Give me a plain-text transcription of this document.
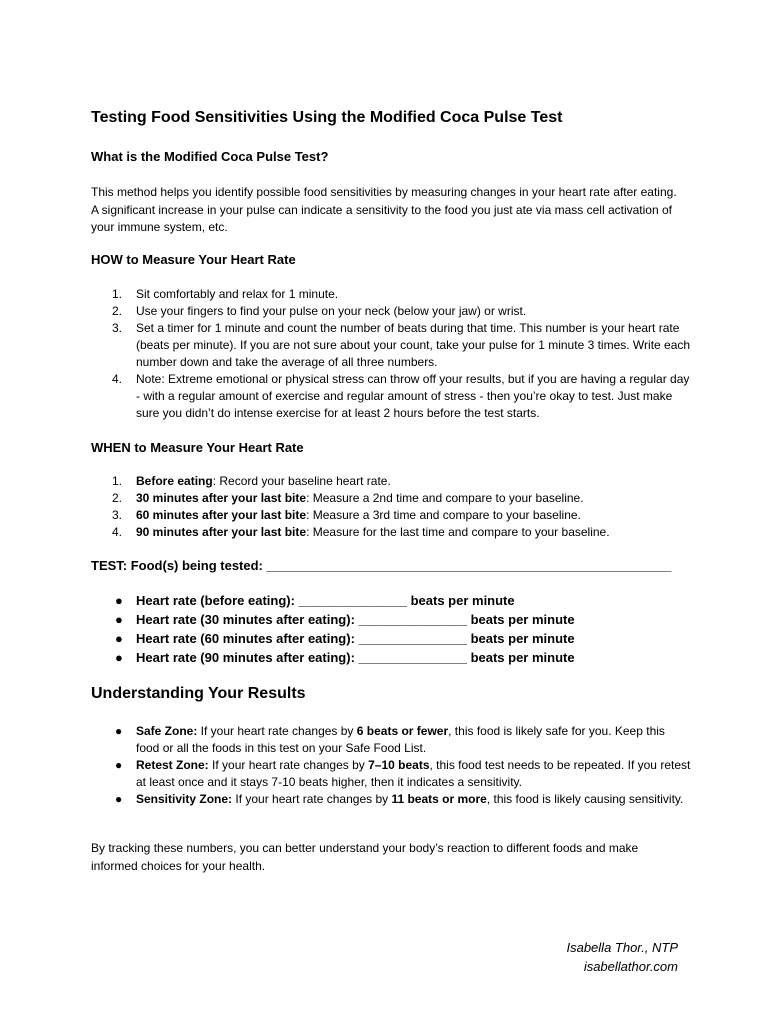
Testing Food Sensitivities Using the Modified Coca Pulse Test
What is the Modified Coca Pulse Test?
This method helps you identify possible food sensitivities by measuring changes in your heart rate after eating. A significant increase in your pulse can indicate a sensitivity to the food you just ate via mass cell activation of your immune system, etc.
HOW to Measure Your Heart Rate
1. Sit comfortably and relax for 1 minute.
2. Use your fingers to find your pulse on your neck (below your jaw) or wrist.
3. Set a timer for 1 minute and count the number of beats during that time. This number is your heart rate (beats per minute). If you are not sure about your count, take your pulse for 1 minute 3 times. Write each number down and take the average of all three numbers.
4. Note: Extreme emotional or physical stress can throw off your results, but if you are having a regular day - with a regular amount of exercise and regular amount of stress - then you’re okay to test. Just make sure you didn’t do intense exercise for at least 2 hours before the test starts.
WHEN to Measure Your Heart Rate
1. Before eating: Record your baseline heart rate.
2. 30 minutes after your last bite: Measure a 2nd time and compare to your baseline.
3. 60 minutes after your last bite: Measure a 3rd time and compare to your baseline.
4. 90 minutes after your last bite: Measure for the last time and compare to your baseline.
TEST: Food(s) being tested: ________________________________________________________
● Heart rate (before eating): _______________ beats per minute
● Heart rate (30 minutes after eating): _______________ beats per minute
● Heart rate (60 minutes after eating): _______________ beats per minute
● Heart rate (90 minutes after eating): _______________ beats per minute
Understanding Your Results
● Safe Zone: If your heart rate changes by 6 beats or fewer, this food is likely safe for you. Keep this food or all the foods in this test on your Safe Food List.
● Retest Zone: If your heart rate changes by 7–10 beats, this food test needs to be repeated. If you retest at least once and it stays 7-10 beats higher, then it indicates a sensitivity.
● Sensitivity Zone: If your heart rate changes by 11 beats or more, this food is likely causing sensitivity.
By tracking these numbers, you can better understand your body’s reaction to different foods and make informed choices for your health.
Isabella Thor., NTP
isabellathor.com
